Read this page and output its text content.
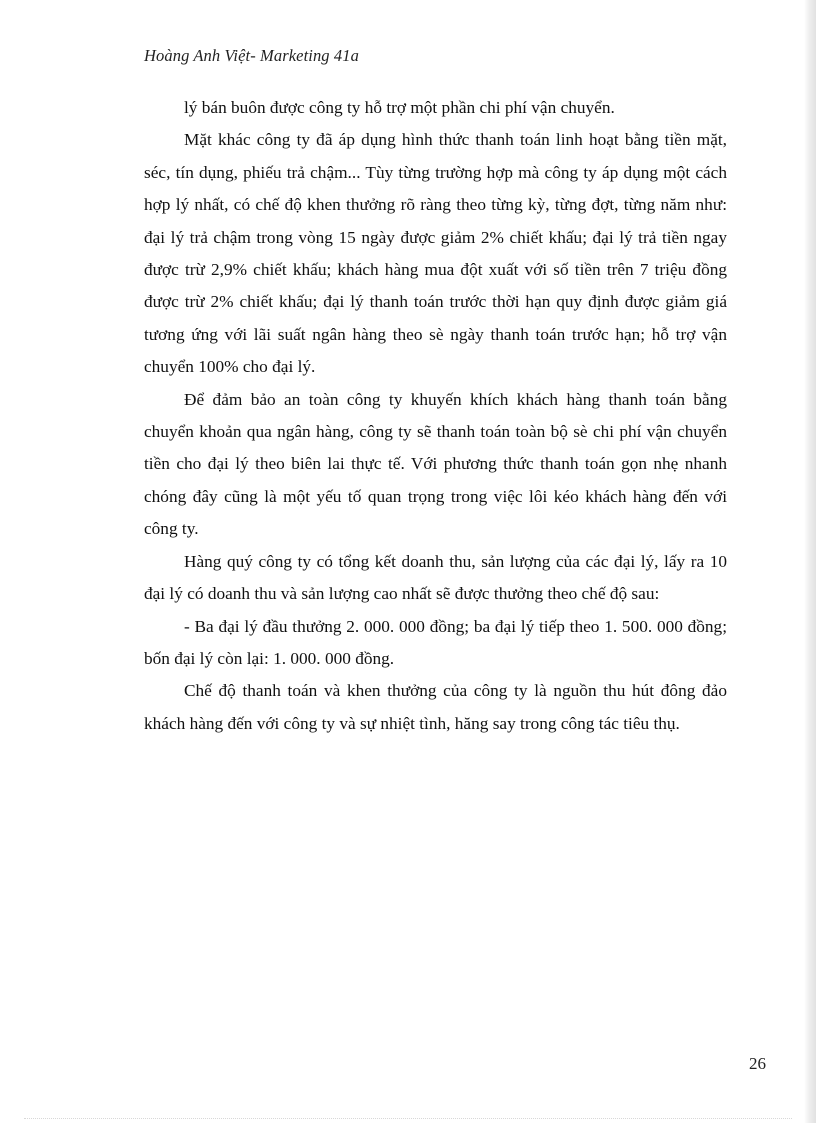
Hoàng Anh Việt- Marketing 41a

lý bán buôn được công ty hỗ trợ một phần chi phí vận chuyển.

Mặt khác công ty đã áp dụng hình thức thanh toán linh hoạt bằng tiền mặt, séc, tín dụng, phiếu trả chậm... Tùy từng trường hợp mà công ty áp dụng một cách hợp lý nhất, có chế độ khen thưởng rõ ràng theo từng kỳ, từng đợt, từng năm như: đại lý trả chậm trong vòng 15 ngày được giảm 2% chiết khấu; đại lý trả tiền ngay được trừ 2,9% chiết khấu; khách hàng mua đột xuất với số tiền trên 7 triệu đồng được trừ 2% chiết khấu; đại lý thanh toán trước thời hạn quy định được giảm giá tương ứng với lãi suất ngân hàng theo sè ngày thanh toán trước hạn; hỗ trợ vận chuyển 100% cho đại lý.

Để đảm bảo an toàn công ty khuyến khích khách hàng thanh toán bằng chuyển khoản qua ngân hàng, công ty sẽ thanh toán toàn bộ sè chi phí vận chuyển tiền cho đại lý theo biên lai thực tế. Với phương thức thanh toán gọn nhẹ nhanh chóng đây cũng là một yếu tố quan trọng trong việc lôi kéo khách hàng đến với công ty.

Hàng quý công ty có tổng kết doanh thu, sản lượng của các đại lý, lấy ra 10 đại lý có doanh thu và sản lượng cao nhất sẽ được thưởng theo chế độ sau:

- Ba đại lý đầu thưởng 2. 000. 000 đồng; ba đại lý tiếp theo 1. 500. 000 đồng; bốn đại lý còn lại: 1. 000. 000 đồng.

Chế độ thanh toán và khen thưởng của công ty là nguồn thu hút đông đảo khách hàng đến với công ty và sự nhiệt tình, hăng say trong công tác tiêu thụ.

26
